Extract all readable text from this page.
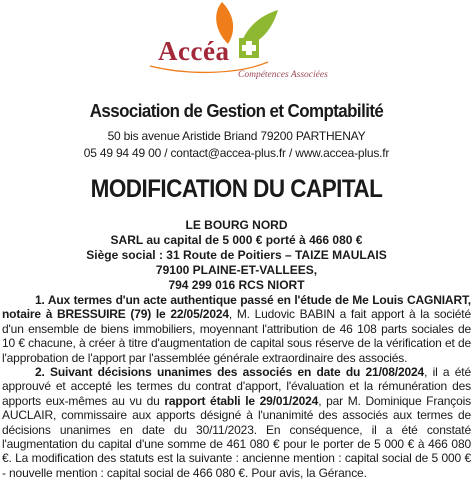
Accéa
Compétences Associées
Association de Gestion et Comptabilité
50 bis avenue Aristide Briand 79200 PARTHENAY
05 49 94 49 00 / contact@accea-plus.fr / www.accea-plus.fr
MODIFICATION DU CAPITAL
LE BOURG NORD
SARL au capital de 5 000 € porté à 466 080 €
Siège social : 31 Route de Poitiers – TAIZE MAULAIS
79100 PLAINE-ET-VALLEES,
794 299 016 RCS NIORT

1. Aux termes d'un acte authentique passé en l'étude de Me Louis CAGNIART, notaire à BRESSUIRE (79) le 22/05/2024, M. Ludovic BABIN a fait apport à la société d'un ensemble de biens immobiliers, moyennant l'attribution de 46 108 parts sociales de 10 € chacune, à créer à titre d'augmentation de capital sous réserve de la vérification et de l'approbation de l'apport par l'assemblée générale extraordinaire des associés.

2. Suivant décisions unanimes des associés en date du 21/08/2024, il a été approuvé et accepté les termes du contrat d'apport, l'évaluation et la rémunération des apports eux-mêmes au vu du rapport établi le 29/01/2024, par M. Dominique François AUCLAIR, commissaire aux apports désigné à l'unanimité des associés aux termes de décisions unanimes en date du 30/11/2023. En conséquence, il a été constaté l'augmentation du capital d'une somme de 461 080 € pour le porter de 5 000 € à 466 080 €. La modification des statuts est la suivante : ancienne mention : capital social de 5 000 € - nouvelle mention : capital social de 466 080 €. Pour avis, la Gérance.
